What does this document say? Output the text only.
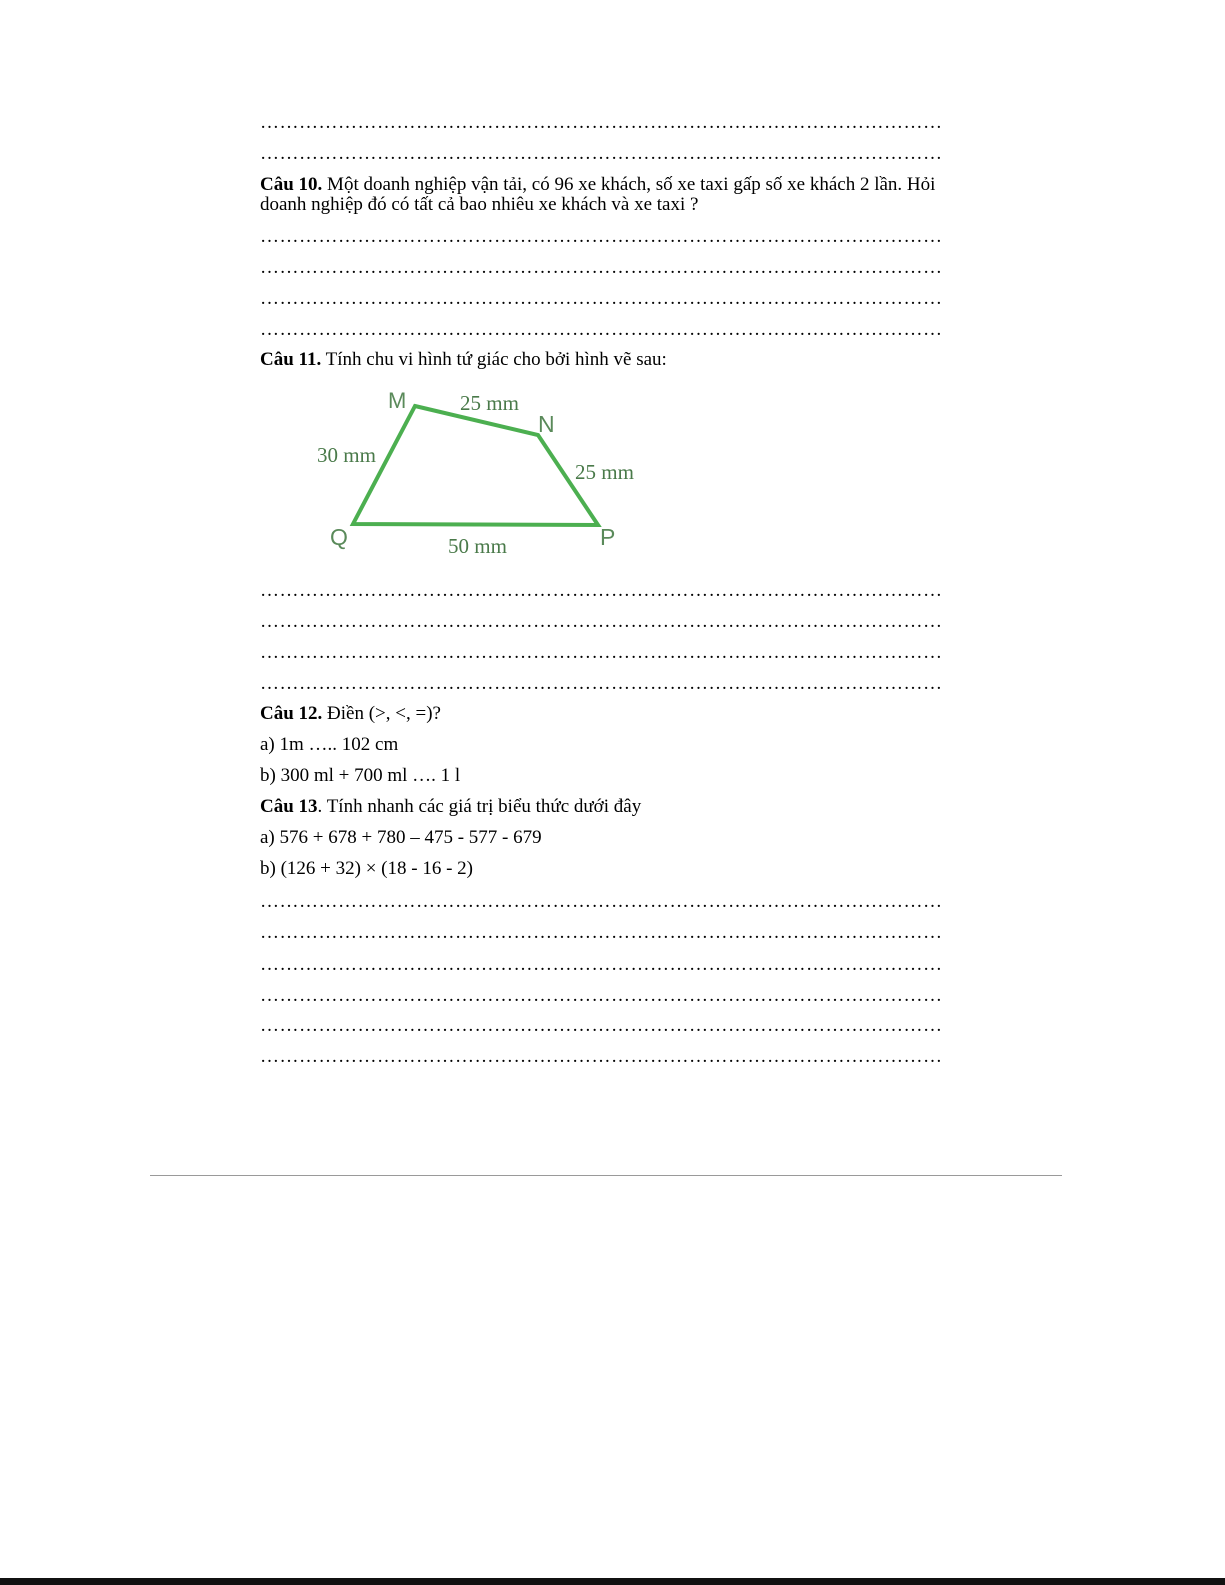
……………………………………………………………………………………………
……………………………………………………………………………………………
Câu 10. Một doanh nghiệp vận tải, có 96 xe khách, số xe taxi gấp số xe khách 2 lần. Hỏi
doanh nghiệp đó có tất cả bao nhiêu xe khách và xe taxi ?
……………………………………………………………………………………………
……………………………………………………………………………………………
……………………………………………………………………………………………
……………………………………………………………………………………………
Câu 11. Tính chu vi hình tứ giác cho bởi hình vẽ sau:
M
N
P
Q
25 mm
25 mm
30 mm
50 mm
……………………………………………………………………………………………
……………………………………………………………………………………………
……………………………………………………………………………………………
……………………………………………………………………………………………
Câu 12. Điền (>, <, =)?
a) 1m ….. 102 cm
b) 300 ml + 700 ml …. 1 l
Câu 13. Tính nhanh các giá trị biểu thức dưới đây
a) 576 + 678 + 780 – 475 - 577 - 679
b) (126 + 32) × (18 - 16 - 2)
……………………………………………………………………………………………
……………………………………………………………………………………………
……………………………………………………………………………………………
……………………………………………………………………………………………
……………………………………………………………………………………………
……………………………………………………………………………………………
